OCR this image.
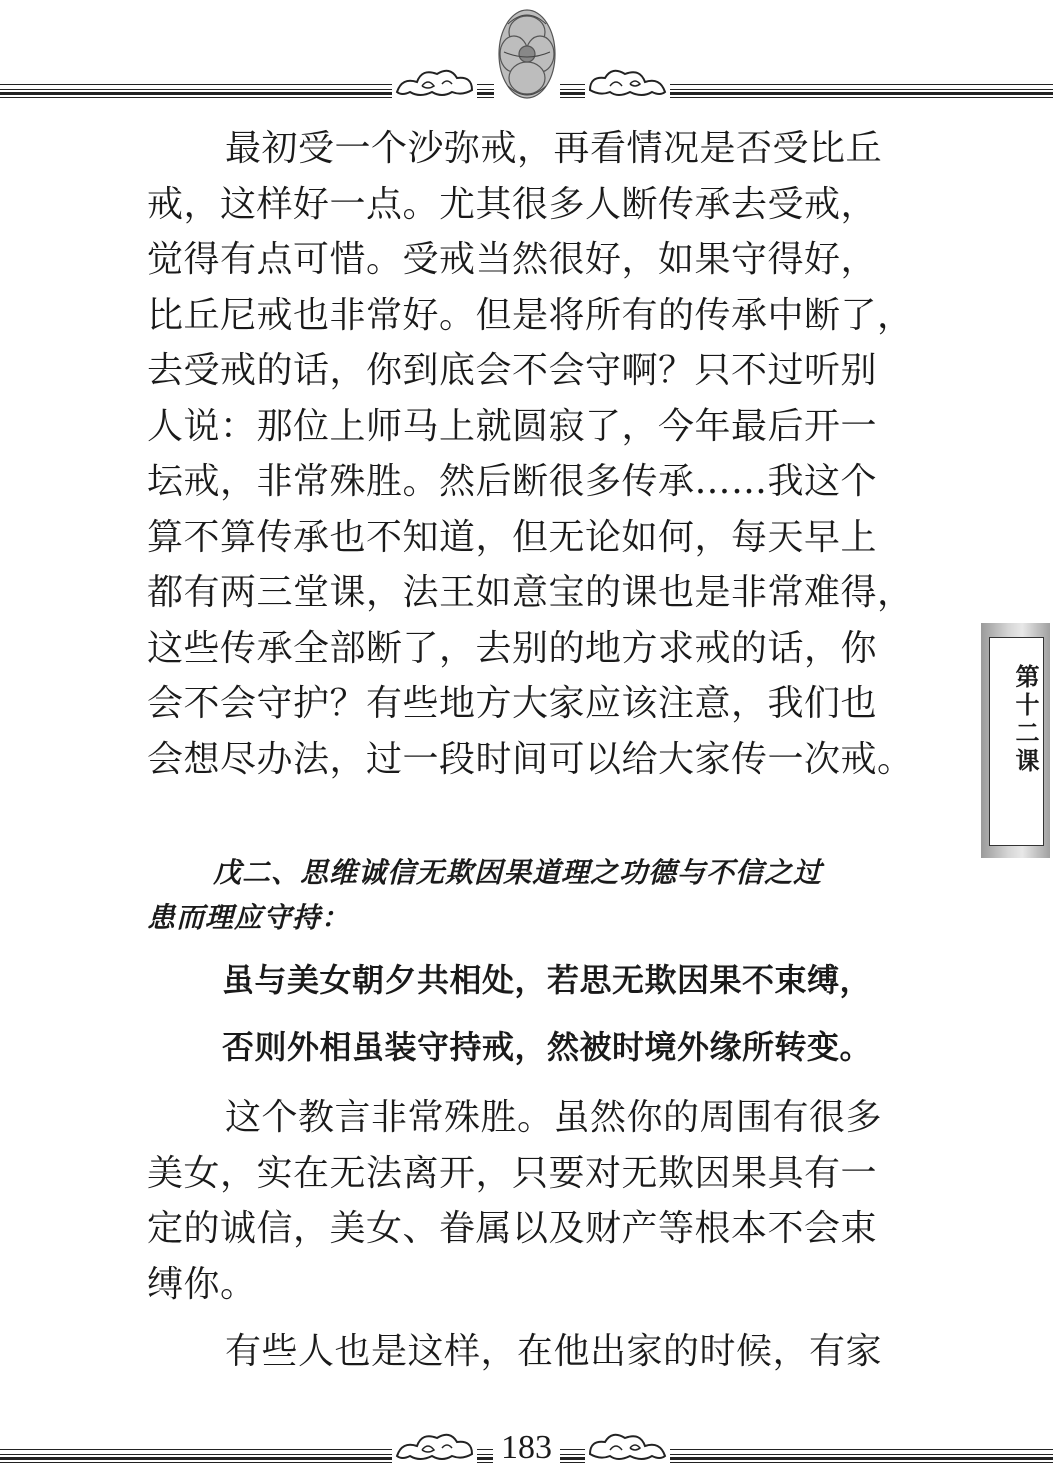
最初受一个沙弥戒，再看情况是否受比丘
戒，这样好一点。尤其很多人断传承去受戒，
觉得有点可惜。受戒当然很好，如果守得好，
比丘尼戒也非常好。但是将所有的传承中断了，
去受戒的话，你到底会不会守啊？只不过听别
人说：那位上师马上就圆寂了，今年最后开一
坛戒，非常殊胜。然后断很多传承……我这个
算不算传承也不知道，但无论如何，每天早上
都有两三堂课，法王如意宝的课也是非常难得，
这些传承全部断了，去别的地方求戒的话，你
会不会守护？有些地方大家应该注意，我们也
会想尽办法，过一段时间可以给大家传一次戒。

戊二、思维诚信无欺因果道理之功德与不信之过
患而理应守持：

虽与美女朝夕共相处，若思无欺因果不束缚，

否则外相虽装守持戒，然被时境外缘所转变。

这个教言非常殊胜。虽然你的周围有很多
美女，实在无法离开，只要对无欺因果具有一
定的诚信，美女、眷属以及财产等根本不会束
缚你。

有些人也是这样，在他出家的时候，有家

第十二课
183
